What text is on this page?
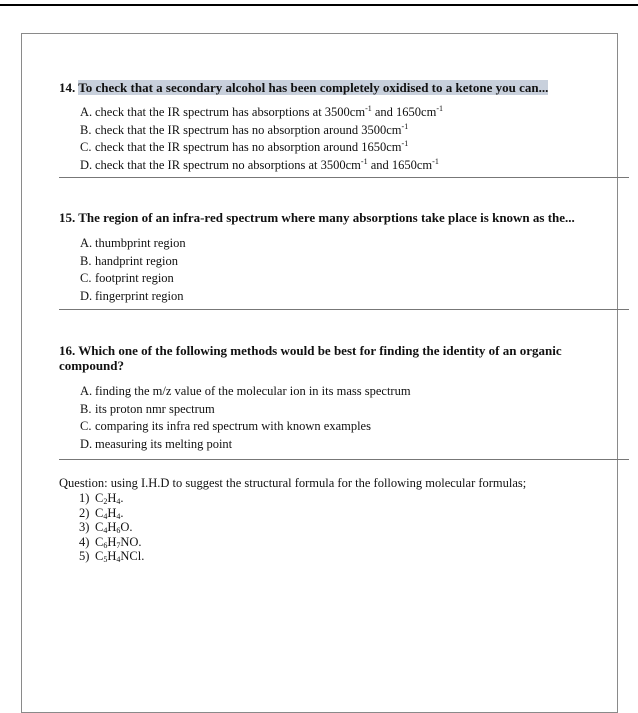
14. To check that a secondary alcohol has been completely oxidised to a ketone you can...
A. check that the IR spectrum has absorptions at $3500cm^{-1}$ and $1650cm^{-1}$
B. check that the IR spectrum has no absorption around $3500cm^{-1}$
C. check that the IR spectrum has no absorption around $1650cm^{-1}$
D. check that the IR spectrum no absorptions at $3500cm^{-1}$ and $1650cm^{-1}$
15. The region of an infra-red spectrum where many absorptions take place is known as the...
A. thumbprint region
B. handprint region
C. footprint region
D. fingerprint region
16. Which one of the following methods would be best for finding the identity of an organic compound?
A. finding the m/z value of the molecular ion in its mass spectrum
B. its proton nmr spectrum
C. comparing its infra red spectrum with known examples
D. measuring its melting point
Question: using I.H.D to suggest the structural formula for the following molecular formulas;
1) $C_2H_4$.
2) $C_4H_4$.
3) $C_4H_6O$.
4) $C_6H_7NO$.
5) $C_5H_4NCl$.
